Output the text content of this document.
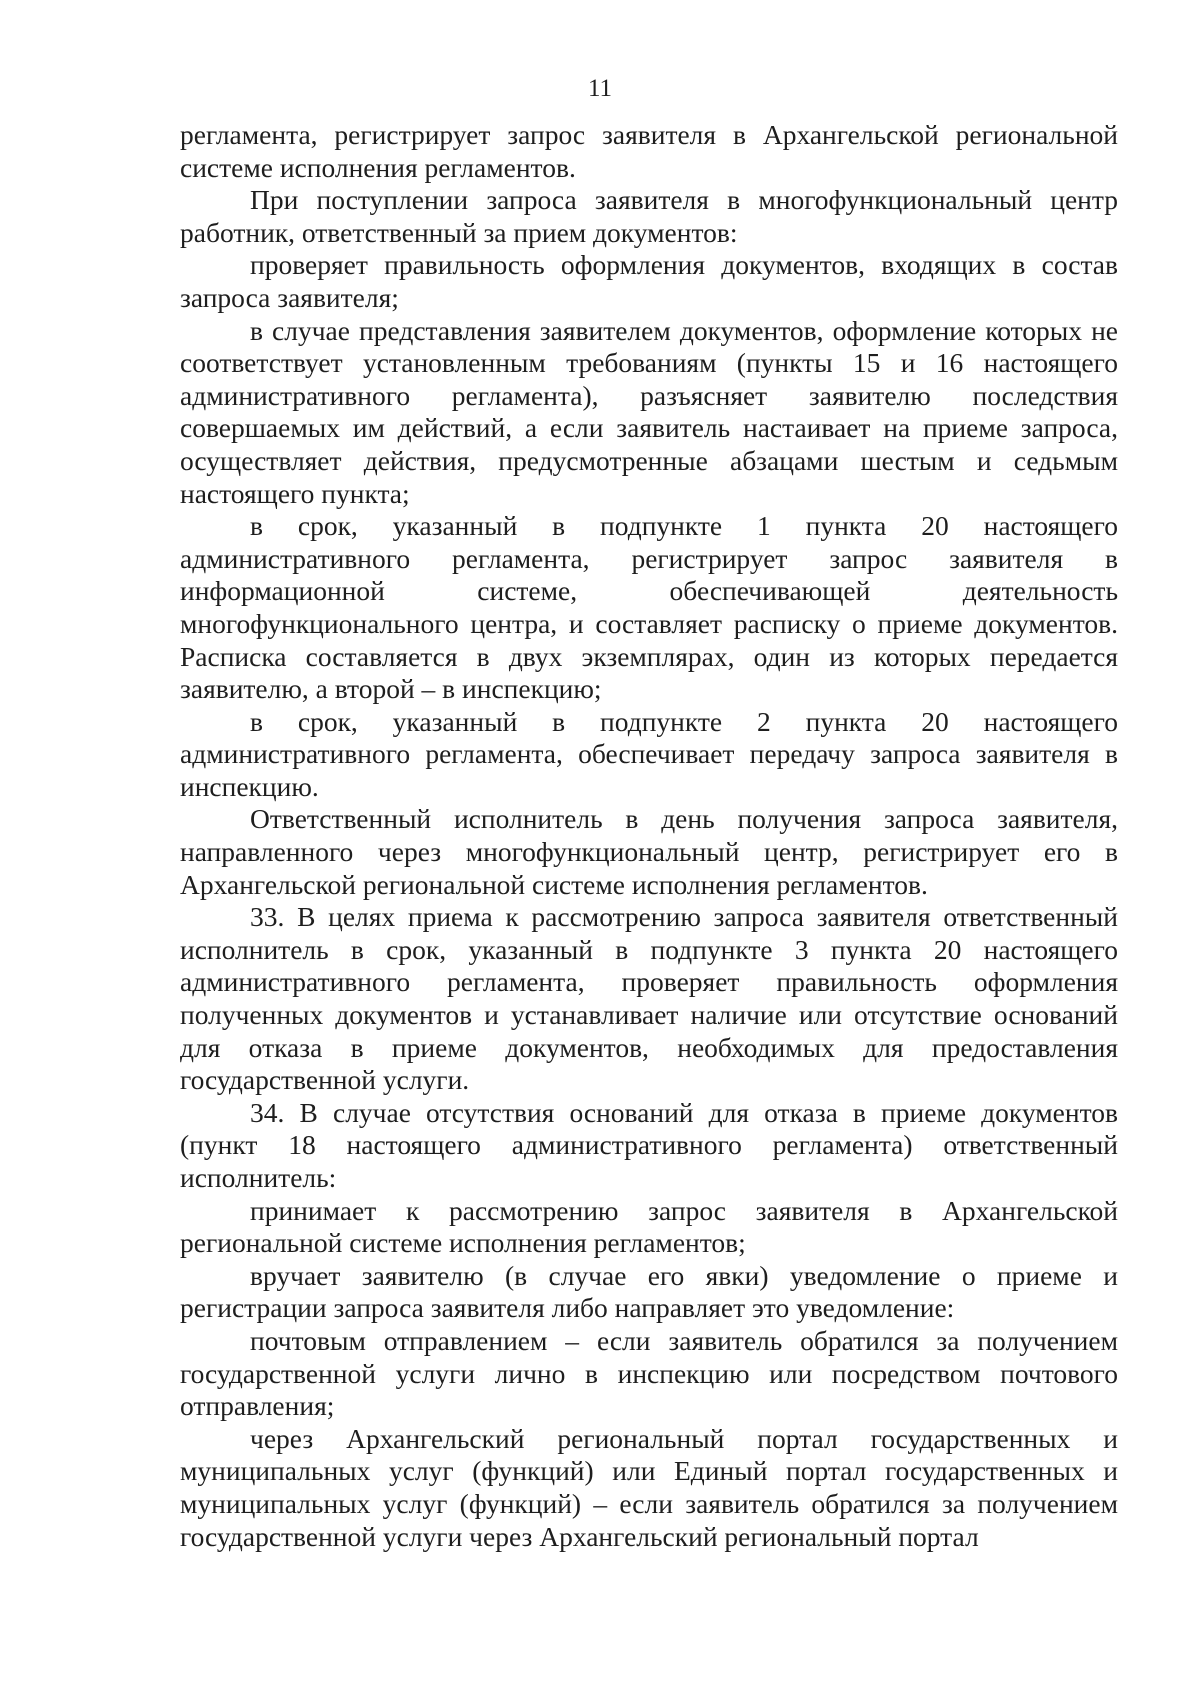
11

регламента, регистрирует запрос заявителя в Архангельской региональной системе исполнения регламентов.

При поступлении запроса заявителя в многофункциональный центр работник, ответственный за прием документов:

проверяет правильность оформления документов, входящих в состав запроса заявителя;

в случае представления заявителем документов, оформление которых не соответствует установленным требованиям (пункты 15 и 16 настоящего административного регламента), разъясняет заявителю последствия совершаемых им действий, а если заявитель настаивает на приеме запроса, осуществляет действия, предусмотренные абзацами шестым и седьмым настоящего пункта;

в срок, указанный в подпункте 1 пункта 20 настоящего административного регламента, регистрирует запрос заявителя в информационной системе, обеспечивающей деятельность многофункционального центра, и составляет расписку о приеме документов. Расписка составляется в двух экземплярах, один из которых передается заявителю, а второй – в инспекцию;

в срок, указанный в подпункте 2 пункта 20 настоящего административного регламента, обеспечивает передачу запроса заявителя в инспекцию.

Ответственный исполнитель в день получения запроса заявителя, направленного через многофункциональный центр, регистрирует его в Архангельской региональной системе исполнения регламентов.

33. В целях приема к рассмотрению запроса заявителя ответственный исполнитель в срок, указанный в подпункте 3 пункта 20 настоящего административного регламента, проверяет правильность оформления полученных документов и устанавливает наличие или отсутствие оснований для отказа в приеме документов, необходимых для предоставления государственной услуги.

34. В случае отсутствия оснований для отказа в приеме документов (пункт 18 настоящего административного регламента) ответственный исполнитель:

принимает к рассмотрению запрос заявителя в Архангельской региональной системе исполнения регламентов;

вручает заявителю (в случае его явки) уведомление о приеме и регистрации запроса заявителя либо направляет это уведомление:

почтовым отправлением – если заявитель обратился за получением государственной услуги лично в инспекцию или посредством почтового отправления;

через Архангельский региональный портал государственных и муниципальных услуг (функций) или Единый портал государственных и муниципальных услуг (функций) – если заявитель обратился за получением государственной услуги через Архангельский региональный портал
